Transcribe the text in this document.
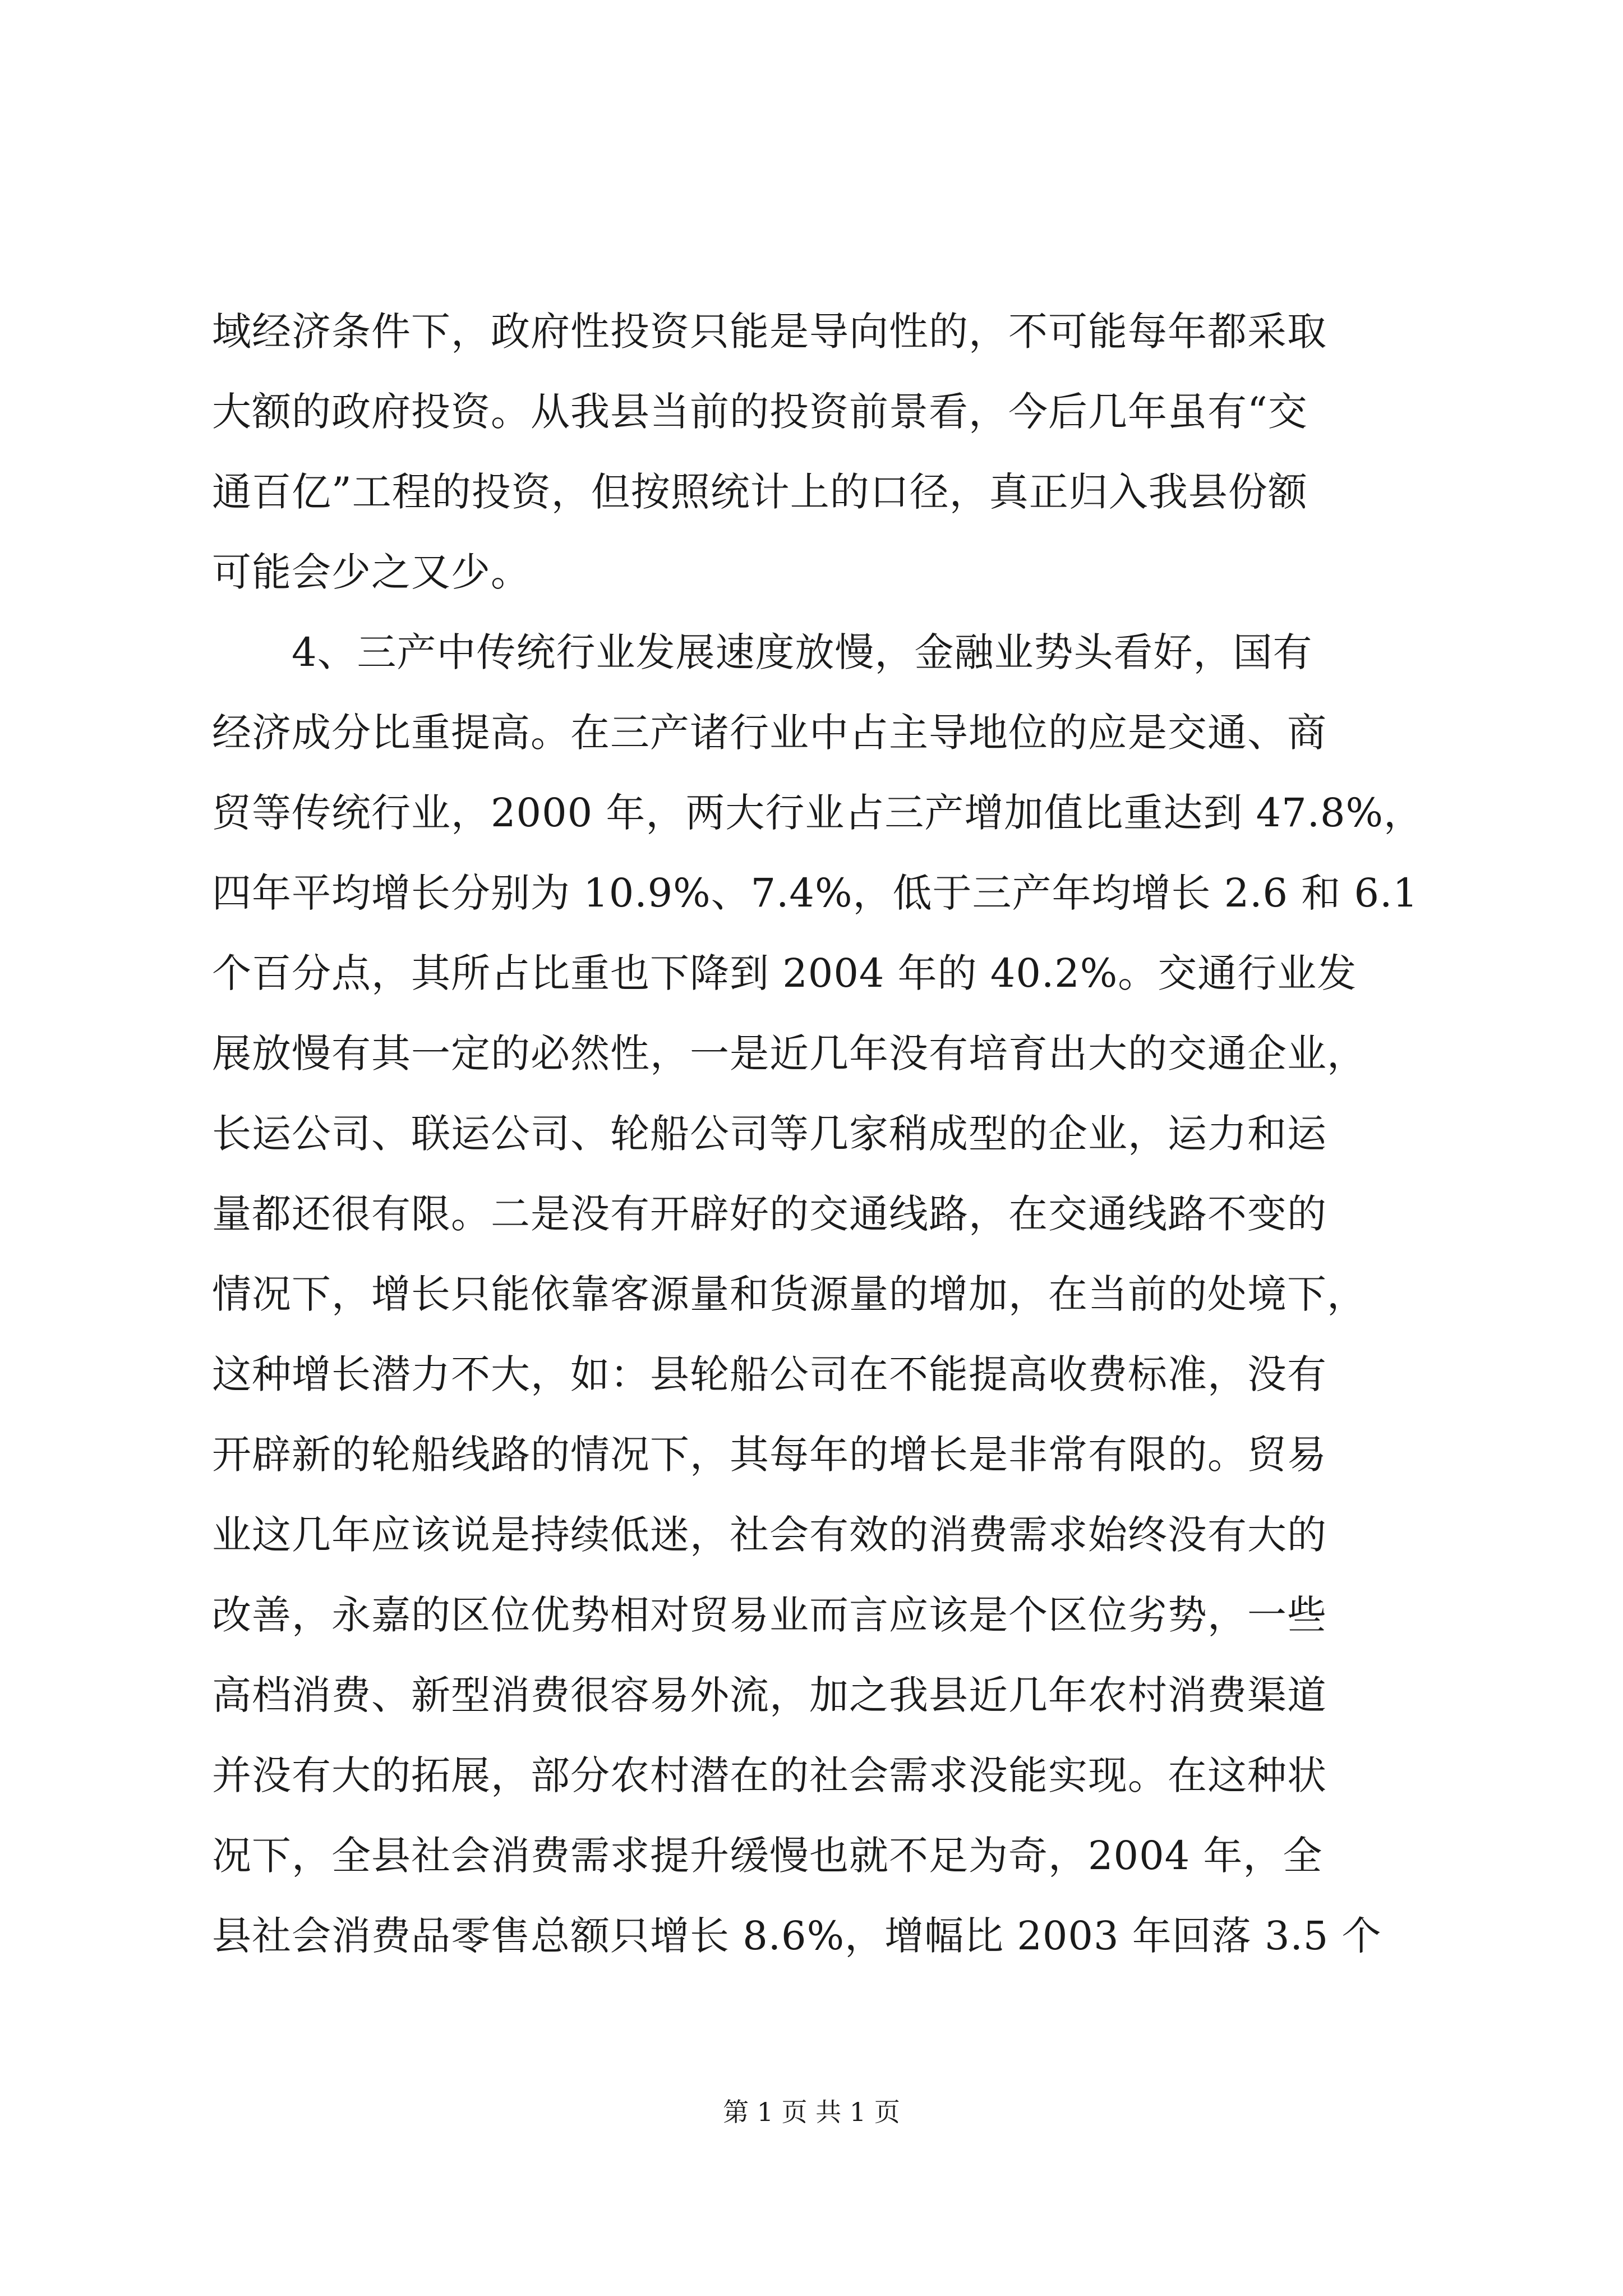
域经济条件下，政府性投资只能是导向性的，不可能每年都采取
大额的政府投资。从我县当前的投资前景看，今后几年虽有“交
通百亿”工程的投资，但按照统计上的口径，真正归入我县份额
可能会少之又少。
　　4、三产中传统行业发展速度放慢，金融业势头看好，国有
经济成分比重提高。在三产诸行业中占主导地位的应是交通、商
贸等传统行业，2000 年，两大行业占三产增加值比重达到 47.8%，
四年平均增长分别为 10.9%、7.4%，低于三产年均增长 2.6 和 6.1
个百分点，其所占比重也下降到 2004 年的 40.2%。交通行业发
展放慢有其一定的必然性，一是近几年没有培育出大的交通企业，
长运公司、联运公司、轮船公司等几家稍成型的企业，运力和运
量都还很有限。二是没有开辟好的交通线路，在交通线路不变的
情况下，增长只能依靠客源量和货源量的增加，在当前的处境下，
这种增长潜力不大，如：县轮船公司在不能提高收费标准，没有
开辟新的轮船线路的情况下，其每年的增长是非常有限的。贸易
业这几年应该说是持续低迷，社会有效的消费需求始终没有大的
改善，永嘉的区位优势相对贸易业而言应该是个区位劣势，一些
高档消费、新型消费很容易外流，加之我县近几年农村消费渠道
并没有大的拓展，部分农村潜在的社会需求没能实现。在这种状
况下，全县社会消费需求提升缓慢也就不足为奇，2004 年，全
县社会消费品零售总额只增长 8.6%，增幅比 2003 年回落 3.5 个
第 1 页 共 1 页
